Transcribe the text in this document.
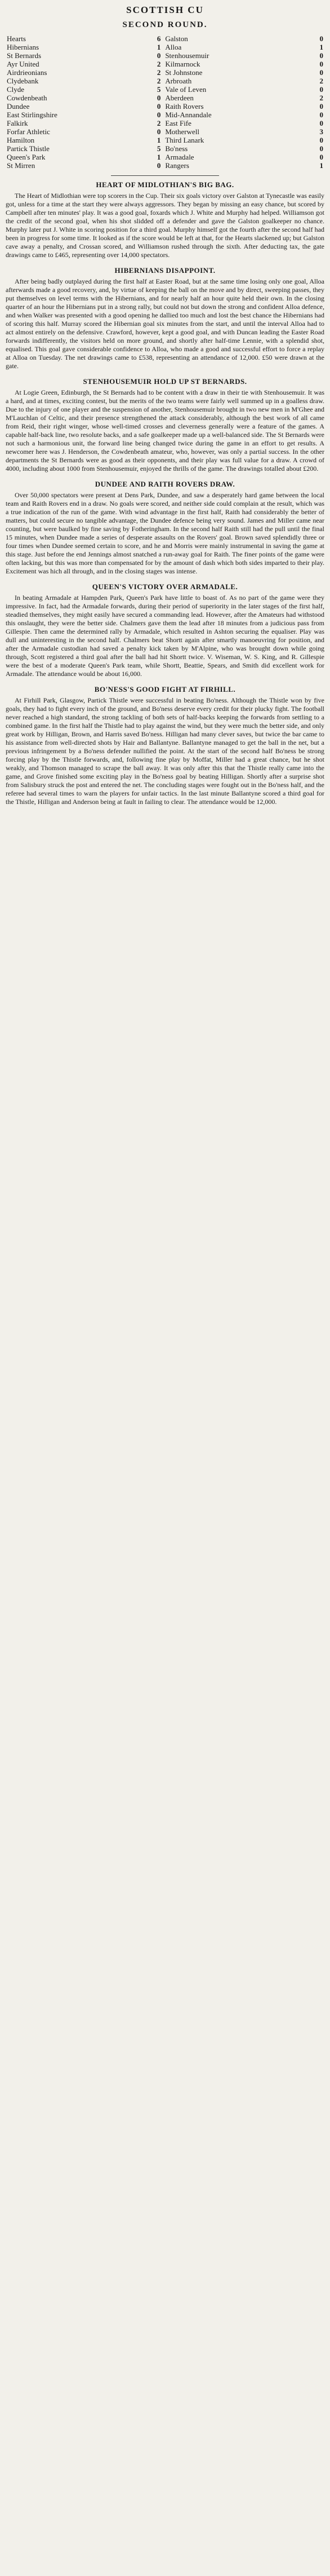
SCOTTISH CU
SECOND ROUND.
Hearts	6	Galston	0
Hibernians	1	Alloa	1
St Bernards	0	Stenhousemuir	0
Ayr United	2	Kilmarnock	0
Airdrieonians	2	St Johnstone	0
Clydebank	2	Arbroath	2
Clyde	5	Vale of Leven	0
Cowdenbeath	0	Aberdeen	2
Dundee	0	Raith Rovers	0
East Stirlingshire	0	Mid-Annandale	0
Falkirk	2	East Fife	0
Forfar Athletic	0	Motherwell	3
Hamilton	1	Third Lanark	0
Partick Thistle	5	Bo'ness	0
Queen's Park	1	Armadale	0
St Mirren	0	Rangers	1
HEART OF MIDLOTHIAN'S BIG BAG.

The Heart of Midlothian were top scorers in the Cup. Their six goals victory over Galston at Tynecastle was easily got, unless for a time at the start they were always aggressors. They began by missing an easy chance, but scored by Campbell after ten minutes' play. It was a good goal, foxards which J. White and Murphy had helped. Williamson got the credit of the second goal, when his shot slidded off a defender and gave the Galston goalkeeper no chance. Murphy later put J. White in scoring position for a third goal. Murphy himself got the fourth after the second half had been in progress for some time. It looked as if the score would be left at that, for the Hearts slackened up; but Galston cave away a penalty, and Crossan scored, and Williamson rushed through the sixth. After deducting tax, the gate drawings came to £465, representing over 14,000 spectators.

HIBERNIANS DISAPPOINT.

After being badly outplayed during the first half at Easter Road, but at the same time losing only one goal, Alloa afterwards made a good recovery, and, by virtue of keeping the ball on the move and by direct, sweeping passes, they put themselves on level terms with the Hibernians, and for nearly half an hour quite held their own. In the closing quarter of an hour the Hibernians put in a strong rally, but could not but down the strong and confident Alloa defence, and when Walker was presented with a good opening he dallied too much and lost the best chance the Hibernians had of scoring this half. Murray scored the Hibernian goal six minutes from the start, and until the interval Alloa had to act almost entirely on the defensive. Crawford, however, kept a good goal, and with Duncan leading the Easter Road forwards indifferently, the visitors held on more ground, and shortly after half-time Lennie, with a splendid shot, equalised. This goal gave considerable confidence to Alloa, who made a good and successful effort to force a replay at Alloa on Tuesday. The net drawings came to £538, representing an attendance of 12,000. £50 were drawn at the gate.

STENHOUSEMUIR HOLD UP ST BERNARDS.

At Logie Green, Edinburgh, the St Bernards had to be content with a draw in their tie with Stenhousemuir. It was a hard, and at times, exciting contest, but the merits of the two teams were fairly well summed up in a goalless draw. Due to the injury of one player and the suspension of another, Stenhousemuir brought in two new men in M'Ghee and M'Lauchlan of Celtic, and their presence strengthened the attack considerably, although the best work of all came from Reid, their right winger, whose well-timed crosses and cleverness generally were a feature of the games. A capable half-back line, two resolute backs, and a safe goalkeeper made up a well-balanced side. The St Bernards were not such a harmonious unit, the forward line being changed twice during the game in an effort to get results. A newcomer here was J. Henderson, the Cowdenbeath amateur, who, however, was only a partial success. In the other departments the St Bernards were as good as their opponents, and their play was full value for a draw. A crowd of 4000, including about 1000 from Stenhousemuir, enjoyed the thrills of the game. The drawings totalled about £200.

DUNDEE AND RAITH ROVERS DRAW.

Over 50,000 spectators were present at Dens Park, Dundee, and saw a desperately hard game between the local team and Raith Rovers end in a draw. No goals were scored, and neither side could complain at the result, which was a true indication of the run of the game. With wind advantage in the first half, Raith had considerably the better of matters, but could secure no tangible advantage, the Dundee defence being very sound. James and Miller came near counting, but were baulked by fine saving by Fotheringham. In the second half Raith still had the pull until the final 15 minutes, when Dundee made a series of desperate assaults on the Rovers' goal. Brown saved splendidly three or four times when Dundee seemed certain to score, and he and Morris were mainly instrumental in saving the game at this stage. Just before the end Jennings almost snatched a run-away goal for Raith. The finer points of the game were often lacking, but this was more than compensated for by the amount of dash which both sides imparted to their play. Excitement was hich all through, and in the closing stages was intense.

QUEEN'S VICTORY OVER ARMADALE.

In beating Armadale at Hampden Park, Queen's Park have little to boast of. As no part of the game were they impressive. In fact, had the Armadale forwards, during their period of superiority in the later stages of the first half, steadied themselves, they might easily have secured a commanding lead. However, after the Amateurs had withstood this onslaught, they were the better side. Chalmers gave them the lead after 18 minutes from a judicious pass from Gillespie. Then came the determined rally by Armadale, which resulted in Ashton securing the equaliser. Play was dull and uninteresting in the second half. Chalmers beat Shortt again after smartly manoeuvring for position, and after the Armadale custodian had saved a penalty kick taken by M'Alpine, who was brought down while going through, Scott registered a third goal after the ball had hit Shortt twice. V. Wiseman, W. S. King, and R. Gillespie were the best of a moderate Queen's Park team, while Shortt, Beattie, Spears, and Smith did excellent work for Armadale. The attendance would be about 16,000.

BO'NESS'S GOOD FIGHT AT FIRHILL.

At Firhill Park, Glasgow, Partick Thistle were successful in beating Bo'ness. Although the Thistle won by five goals, they had to fight every inch of the ground, and Bo'ness deserve every credit for their plucky fight. The football never reached a high standard, the strong tackling of both sets of half-backs keeping the forwards from settling to a combined game. In the first half the Thistle had to play against the wind, but they were much the better side, and only great work by Hilligan, Brown, and Harris saved Bo'ness. Hilligan had many clever saves, but twice the bar came to his assistance from well-directed shots by Hair and Ballantyne. Ballantyne managed to get the ball in the net, but a previous infringement by a Bo'ness defender nullified the point. At the start of the second half Bo'ness be strong forcing play by the Thistle forwards, and, following fine play by Moffat, Miller had a great chance, but he shot weakly, and Thomson managed to scrape the ball away. It was only after this that the Thistle really came into the game, and Grove finished some exciting play in the Bo'ness goal by beating Hilligan. Shortly after a surprise shot from Salisbury struck the post and entered the net. The concluding stages were fought out in the Bo'ness half, and the referee had several times to warn the players for unfair tactics. In the last minute Ballantyne scored a third goal for the Thistle, Hilligan and Anderson being at fault in failing to clear. The attendance would be 12,000.
